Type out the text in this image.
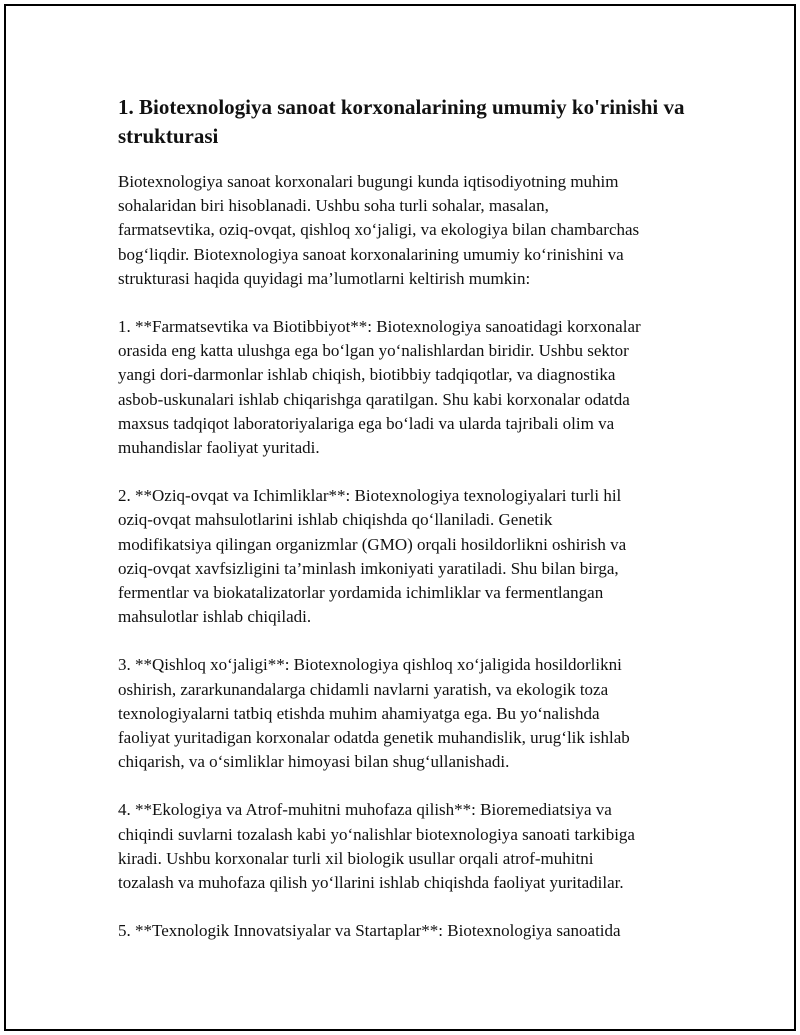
1. Biotexnologiya sanoat korxonalarining umumiy ko'rinishi va
strukturasi

Biotexnologiya sanoat korxonalari bugungi kunda iqtisodiyotning muhim
sohalaridan biri hisoblanadi. Ushbu soha turli sohalar, masalan,
farmatsevtika, oziq-ovqat, qishloq xo‘jaligi, va ekologiya bilan chambarchas
bog‘liqdir. Biotexnologiya sanoat korxonalarining umumiy ko‘rinishini va
strukturasi haqida quyidagi ma’lumotlarni keltirish mumkin:

1. **Farmatsevtika va Biotibbiyot**: Biotexnologiya sanoatidagi korxonalar
orasida eng katta ulushga ega bo‘lgan yo‘nalishlardan biridir. Ushbu sektor
yangi dori-darmonlar ishlab chiqish, biotibbiy tadqiqotlar, va diagnostika
asbob-uskunalari ishlab chiqarishga qaratilgan. Shu kabi korxonalar odatda
maxsus tadqiqot laboratoriyalariga ega bo‘ladi va ularda tajribali olim va
muhandislar faoliyat yuritadi.

2. **Oziq-ovqat va Ichimliklar**: Biotexnologiya texnologiyalari turli hil
oziq-ovqat mahsulotlarini ishlab chiqishda qo‘llaniladi. Genetik
modifikatsiya qilingan organizmlar (GMO) orqali hosildorlikni oshirish va
oziq-ovqat xavfsizligini ta’minlash imkoniyati yaratiladi. Shu bilan birga,
fermentlar va biokatalizatorlar yordamida ichimliklar va fermentlangan
mahsulotlar ishlab chiqiladi.

3. **Qishloq xo‘jaligi**: Biotexnologiya qishloq xo‘jaligida hosildorlikni
oshirish, zararkunandalarga chidamli navlarni yaratish, va ekologik toza
texnologiyalarni tatbiq etishda muhim ahamiyatga ega. Bu yo‘nalishda
faoliyat yuritadigan korxonalar odatda genetik muhandislik, urug‘lik ishlab
chiqarish, va o‘simliklar himoyasi bilan shug‘ullanishadi.

4. **Ekologiya va Atrof-muhitni muhofaza qilish**: Bioremediatsiya va
chiqindi suvlarni tozalash kabi yo‘nalishlar biotexnologiya sanoati tarkibiga
kiradi. Ushbu korxonalar turli xil biologik usullar orqali atrof-muhitni
tozalash va muhofaza qilish yo‘llarini ishlab chiqishda faoliyat yuritadilar.

5. **Texnologik Innovatsiyalar va Startaplar**: Biotexnologiya sanoatida
